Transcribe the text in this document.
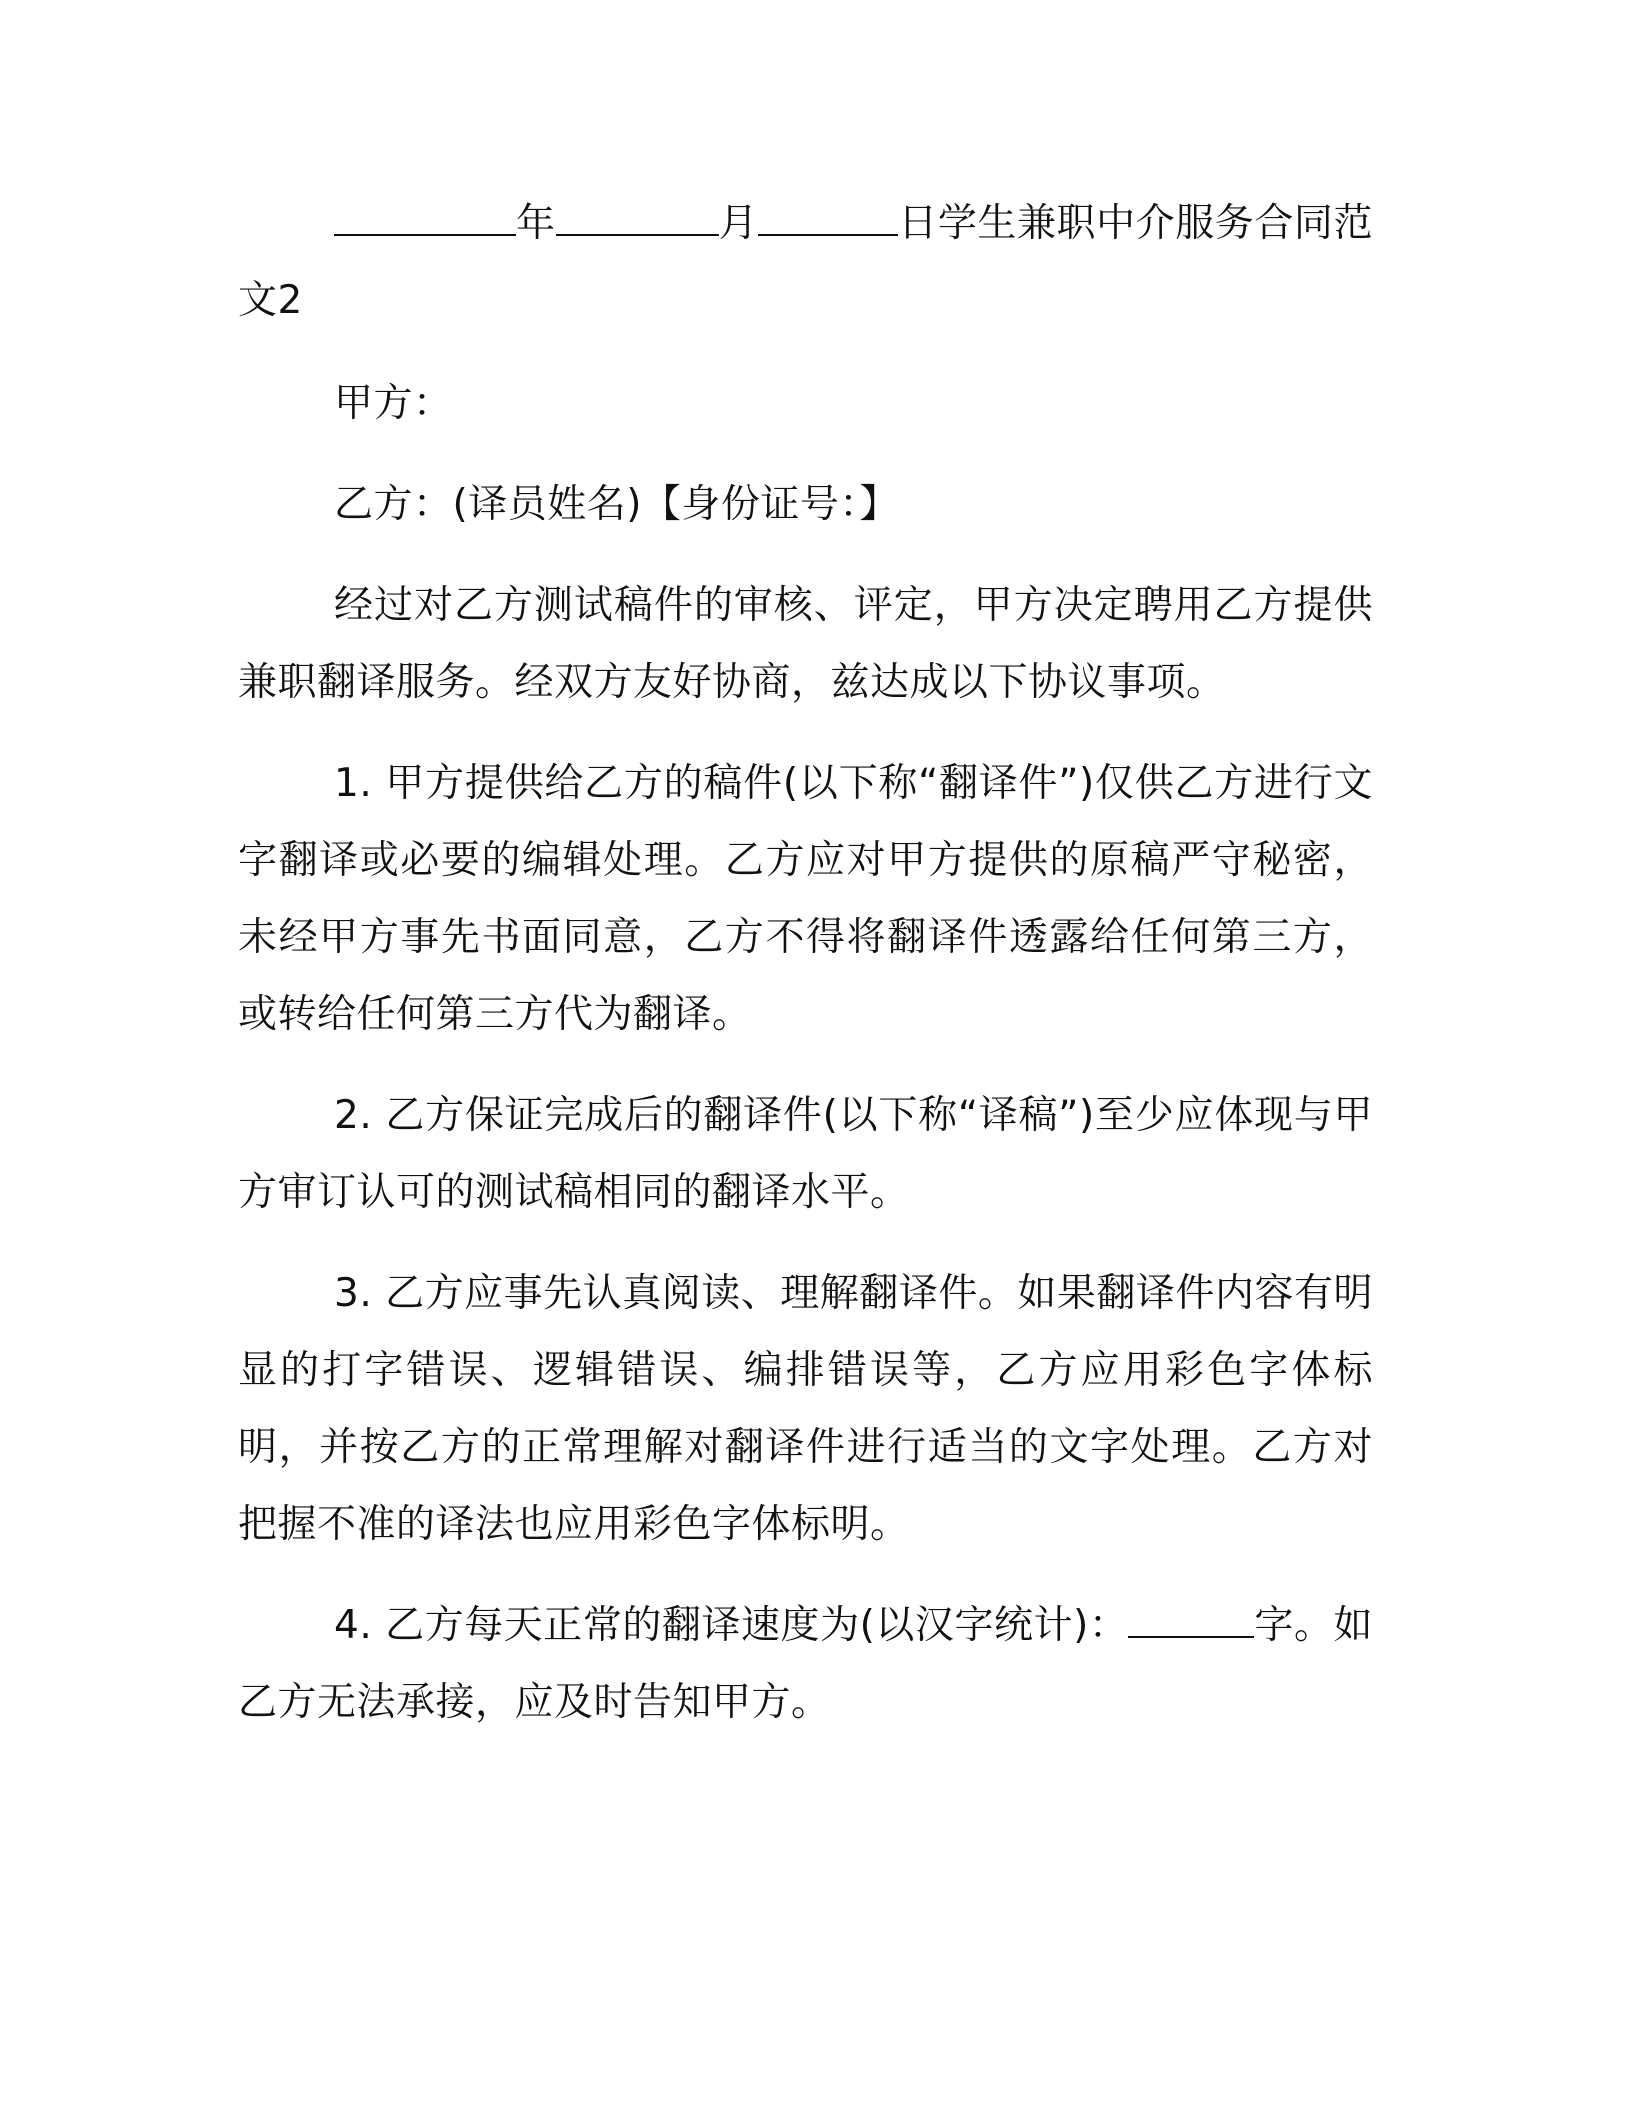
年	月	日学生兼职中介服务合同范文2
甲方：
乙方：(译员姓名)【身份证号：】
经过对乙方测试稿件的审核、评定，甲方决定聘用乙方提供兼职翻译服务。经双方友好协商，兹达成以下协议事项。
1. 甲方提供给乙方的稿件(以下称“翻译件”)仅供乙方进行文字翻译或必要的编辑处理。乙方应对甲方提供的原稿严守秘密，未经甲方事先书面同意，乙方不得将翻译件透露给任何第三方，或转给任何第三方代为翻译。
2. 乙方保证完成后的翻译件(以下称“译稿”)至少应体现与甲方审订认可的测试稿相同的翻译水平。
3. 乙方应事先认真阅读、理解翻译件。如果翻译件内容有明显的打字错误、逻辑错误、编排错误等，乙方应用彩色字体标明，并按乙方的正常理解对翻译件进行适当的文字处理。乙方对把握不准的译法也应用彩色字体标明。
4. 乙方每天正常的翻译速度为(以汉字统计)：	字。如乙方无法承接，应及时告知甲方。
